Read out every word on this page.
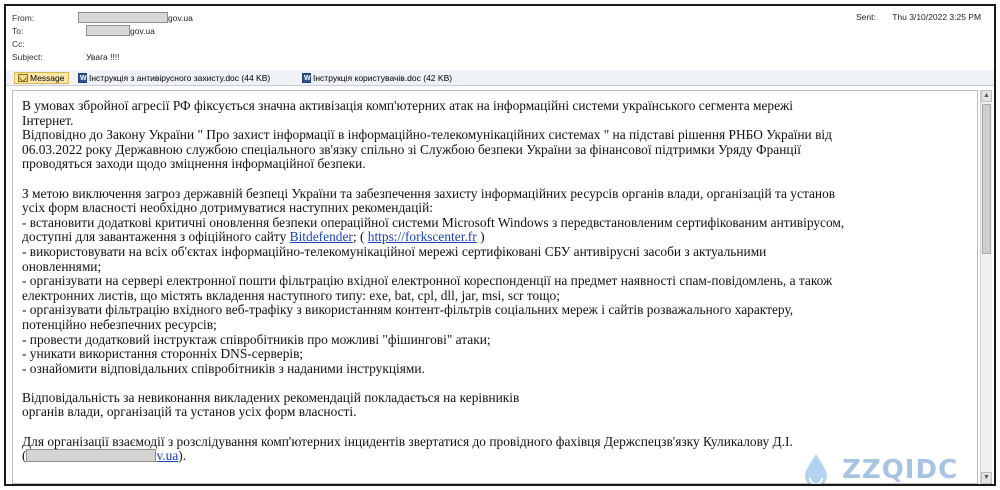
From:	gov.ua
To:	gov.ua
Cc:
Subject:	Увага !!!!
Sent: Thu 3/10/2022 3:25 PM
Message W	Інструкція з антивірусного захисту.doc (44 KB) W	Інструкція користувачів.doc (42 KB)

В умовах збройної агресії РФ фіксується значна активізація комп'ютерних атак на інформаційні системи українського сегмента мережі

Інтернет.

Відповідно до Закону України " Про захист інформації в інформаційно-телекомунікаційних системах " на підставі рішення РНБО України від

06.03.2022 року Державною службою спеціального зв'язку спільно зі Службою безпеки України за фінансової підтримки Уряду Франції

проводяться заходи щодо зміцнення інформаційної безпеки.

З метою виключення загроз державній безпеці України та забезпечення захисту інформаційних ресурсів органів влади, організацій та установ

усіх форм власності необхідно дотримуватися наступних рекомендацій:

- встановити додаткові критичні оновлення безпеки операційної системи Microsoft Windows з передвстановленим сертифікованим антивірусом,

доступні для завантаження з офіційного сайту Bitdefender; ( https://forkscenter.fr )

- використовувати на всіх об'єктах інформаційно-телекомунікаційної мережі сертифіковані СБУ антивірусні засоби з актуальними

оновленнями;

- організувати на сервері електронної пошти фільтрацію вхідної електронної кореспонденції на предмет наявності спам-повідомлень, а також

електронних листів, що містять вкладення наступного типу: exe, bat, cpl, dll, jar, msi, scr тощо;

- організувати фільтрацію вхідного веб-трафіку з використанням контент-фільтрів соціальних мереж і сайтів розважального характеру,

потенційно небезпечних ресурсів;

- провести додатковий інструктаж співробітників про можливі "фішингові" атаки;

- уникати використання сторонніх DNS-серверів;

- ознайомити відповідальних співробітників з наданими інструкціями.

Відповідальність за невиконання викладених рекомендацій покладається на керівників

органів влади, організацій та установ усіх форм власності.

Для організації взаємодії з розслідування комп'ютерних інцидентів звертатися до провідного фахівця Держспецзв'язку Куликалову Д.І.

(	v.ua).

▲
▼
ZZQIDC
